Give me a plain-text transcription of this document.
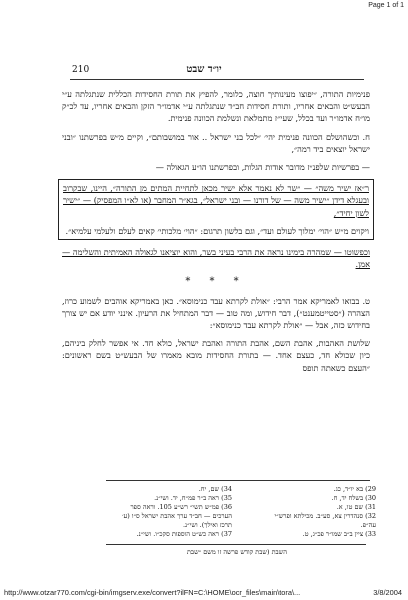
Page 1 of 1
יו״ד שבט
210

פנימיות התורה, ״יפוצו מעינותיך חוצה, כלומר, להפיץ את תורת החסידות הכללית שנתגלתה ע״י הבעש״ט והבאים אחריו, ותורת חסידות חב״ד שנתגלתה ע״י אדמו״ר הזקן והבאים אחריו, עד לכ״ק מו״ח אדמו״ר ועד בכלל, שעי״ז מתמלאת ונשלמת הכוונה פנימית.

ח. וכשהושלם הכוונה פנימית יהי׳ ״לכל בני ישראל .. אור במושבותם״, וקיים מ״ש בפרשתנו ״ובני ישראל יוצאים ביד רמה״,

— בפרשיות שלפנ״ז מדובר אודות הגלות, ובפרשתנו הו״ע הגאולה —

ר״אז ישיר משה״ — ״שר לא נאמר אלא ישיר מכאן לתחיית המתים מן התורה״, היינו, שבקרוב ובעגלא דידן ״ישיר משה — של דורנו — ובני ישראל״, בגא״ר המחבר (או לא״ו המפסיק) — ״ישיר לשון יחיד״,

ויקוים מ״ש ״הוי׳ ימלוך לעולם ועד״, וגם בלשון תרגום: ״הוי׳ מלכותי׳ קאים לעלם ולעלמי עלמיא״.

וכפשוטו — שמהרה בימינו נראה את הרבי בעיני בשר, והוא יוציאנו לגאולה האמיתית והשלימה — אמן.

* * *

ט. בבואו לאמריקא אמר הרבי: ״אולת לקרתא עבד כנימוסא״. כאן באמריקא אוהבים לשמוע כרוז, הצהרה (״סטייטמענט״), דבר חידוש, ומה טוב — דבר המתחיל את הרעיון. אינני יודע אם יש צורך בחידוש כזה, אבל — ״אולת לקרתא עבד כנימוסא״:

שלושת האהבות, אהבת השם, אהבת התורה ואהבת ישראל, כולא חד. אי אפשר לחלק ביניהם, כיון שכולא חד, כעצם אחד. — בתורת החסידות מובא מאמרו של הבעש״ט בשם ראשונים: ״העצם כשאתה תופס

29) בא יו״ד, כג.
30) בשלח יד, ח.
31) שם טו, א.
32) סנהדרין צא, סע״ב. מכילתא ופרש״י
עה״פ.
33) ציין ב״ב שמו״ר פכ״ג, ט.
34) שם, יח.
35) ראה ב״ר פמ״ח, יד. ושי״נ.
36) פמ״ש תשי״ רש״ע 105. וראה ספר
הערכים — חב״ד ערך אהבת ישראל ס״ו (ע׳
תרכז ואילך). ושי״נ.
37) ראה כש״ט הוספות סקכ״ו. ושי״נ.
השבת (שבת קודש פרשה זו משם ״שבת
http://www.otzar770.com/cgi-bin/imgserv.exe/convert?ilFN=C:\HOME\ocr_files\main\tora\...	3/8/2004
